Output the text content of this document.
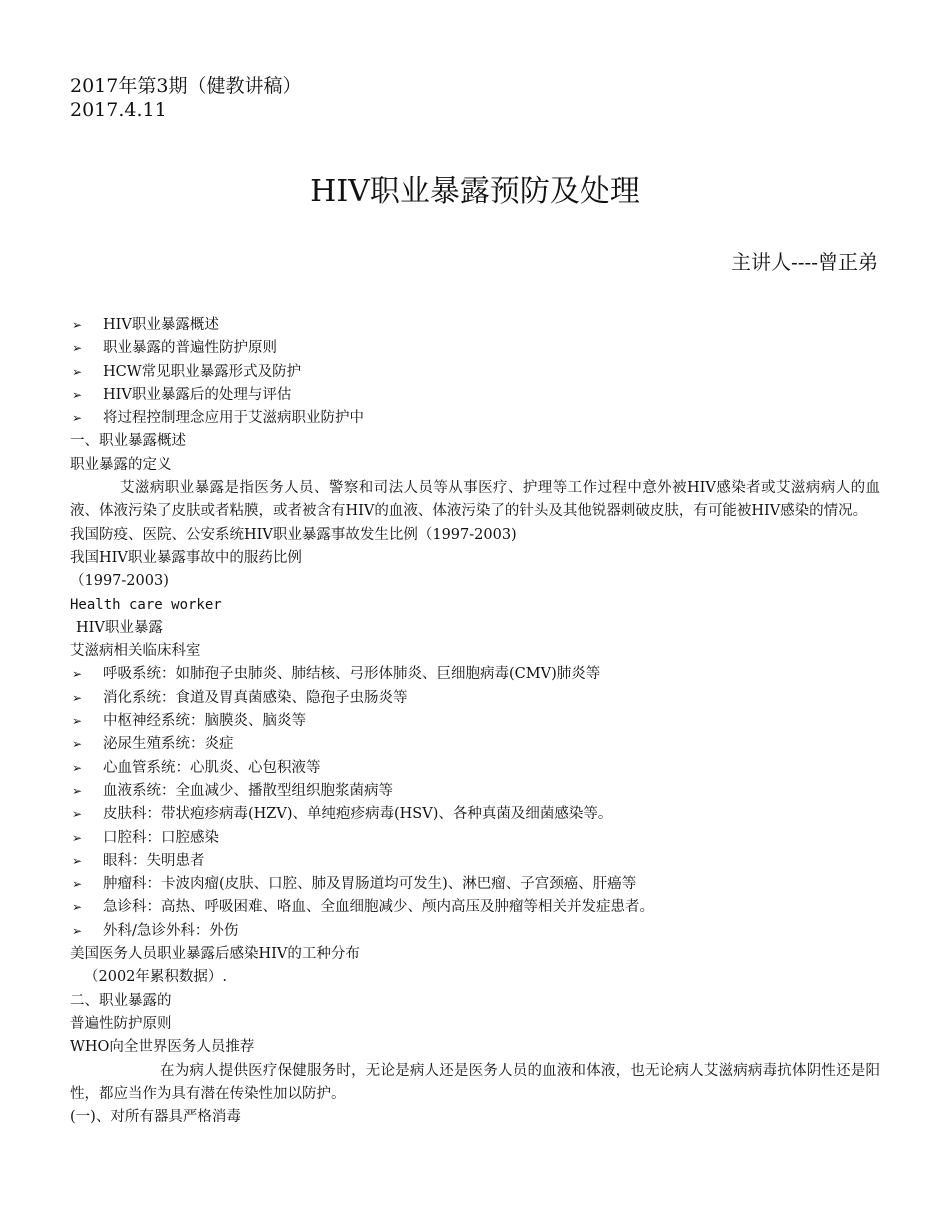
2017年第3期（健教讲稿）
2017.4.11
HIV职业暴露预防及处理
主讲人----曾正弟
➢	HIV职业暴露概述
➢	职业暴露的普遍性防护原则
➢	HCW常见职业暴露形式及防护
➢	HIV职业暴露后的处理与评估
➢	将过程控制理念应用于艾滋病职业防护中
一、职业暴露概述
职业暴露的定义
艾滋病职业暴露是指医务人员、警察和司法人员等从事医疗、护理等工作过程中意外被HIV感染者或艾滋病病人的血液、体液污染了皮肤或者粘膜，或者被含有HIV的血液、体液污染了的针头及其他锐器刺破皮肤，有可能被HIV感染的情况。
我国防疫、医院、公安系统HIV职业暴露事故发生比例（1997-2003)
我国HIV职业暴露事故中的服药比例
（1997-2003)
Health care worker
HIV职业暴露
艾滋病相关临床科室
➢	呼吸系统：如肺孢子虫肺炎、肺结核、弓形体肺炎、巨细胞病毒(CMV)肺炎等
➢	消化系统：食道及胃真菌感染、隐孢子虫肠炎等
➢	中枢神经系统：脑膜炎、脑炎等
➢	泌尿生殖系统：炎症
➢	心血管系统：心肌炎、心包积液等
➢	血液系统：全血减少、播散型组织胞浆菌病等
➢	皮肤科：带状疱疹病毒(HZV)、单纯疱疹病毒(HSV)、各种真菌及细菌感染等。
➢	口腔科：口腔感染
➢	眼科：失明患者
➢	肿瘤科：卡波肉瘤(皮肤、口腔、肺及胃肠道均可发生)、淋巴瘤、子宫颈癌、肝癌等
➢	急诊科：高热、呼吸困难、咯血、全血细胞减少、颅内高压及肿瘤等相关并发症患者。
➢	外科/急诊外科：外伤
美国医务人员职业暴露后感染HIV的工种分布
（2002年累积数据）.
二、职业暴露的
普遍性防护原则
WHO向全世界医务人员推荐
在为病人提供医疗保健服务时，无论是病人还是医务人员的血液和体液，也无论病人艾滋病病毒抗体阴性还是阳性，都应当作为具有潜在传染性加以防护。
(一)、对所有器具严格消毒
